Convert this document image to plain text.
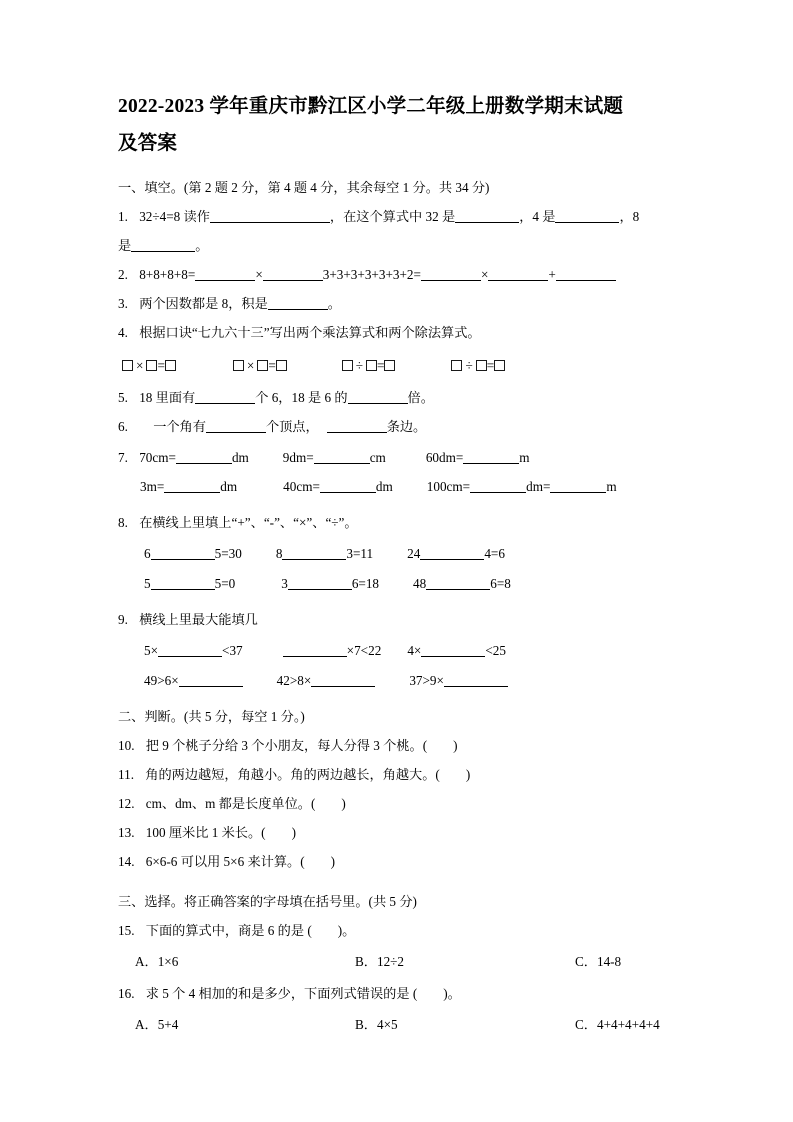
2022-2023 学年重庆市黔江区小学二年级上册数学期末试题
及答案
一、填空。(第 2 题 2 分，第 4 题 4 分，其余每空 1 分。共 34 分)
1. 32÷4=8 读作	，在这个算式中 32 是	，4 是	，8
是	。
2. 8+8+8+8=	×	3+3+3+3+3+3+2=	×	+
3. 两个因数都是 8，积是	。
4. 根据口诀“七九六十三”写出两个乘法算式和两个除法算式。
× =	× =	÷ =	÷ =
5. 18 里面有	个 6，18 是 6 的	倍。
6. 一个角有	个顶点，	条边。
7. 70cm=	dm	9dm=	cm	60dm=	m
3m=	dm	40cm=	dm	100cm=	dm=	m
8. 在横线上里填上“+”、“-”、“×”、“÷”。
6	5=30	8	3=11	24	4=6
5	5=0	3	6=18	48	6=8
9. 横线上里最大能填几
5×	<37	×7<22 4×	<25
49>6×	42>8×	37>9×
二、判断。(共 5 分，每空 1 分。)
10. 把 9 个桃子分给 3 个小朋友，每人分得 3 个桃。( )
11. 角的两边越短，角越小。角的两边越长，角越大。( )
12. cm、dm、m 都是长度单位。( )
13. 100 厘米比 1 米长。( )
14. 6×6-6 可以用 5×6 来计算。( )
三、选择。将正确答案的字母填在括号里。(共 5 分)
15. 下面的算式中，商是 6 的是 ( )。
A．1×6	B．12÷2	C．14-8
16. 求 5 个 4 相加的和是多少，下面列式错误的是 ( )。
A．5+4	B．4×5	C．4+4+4+4+4
